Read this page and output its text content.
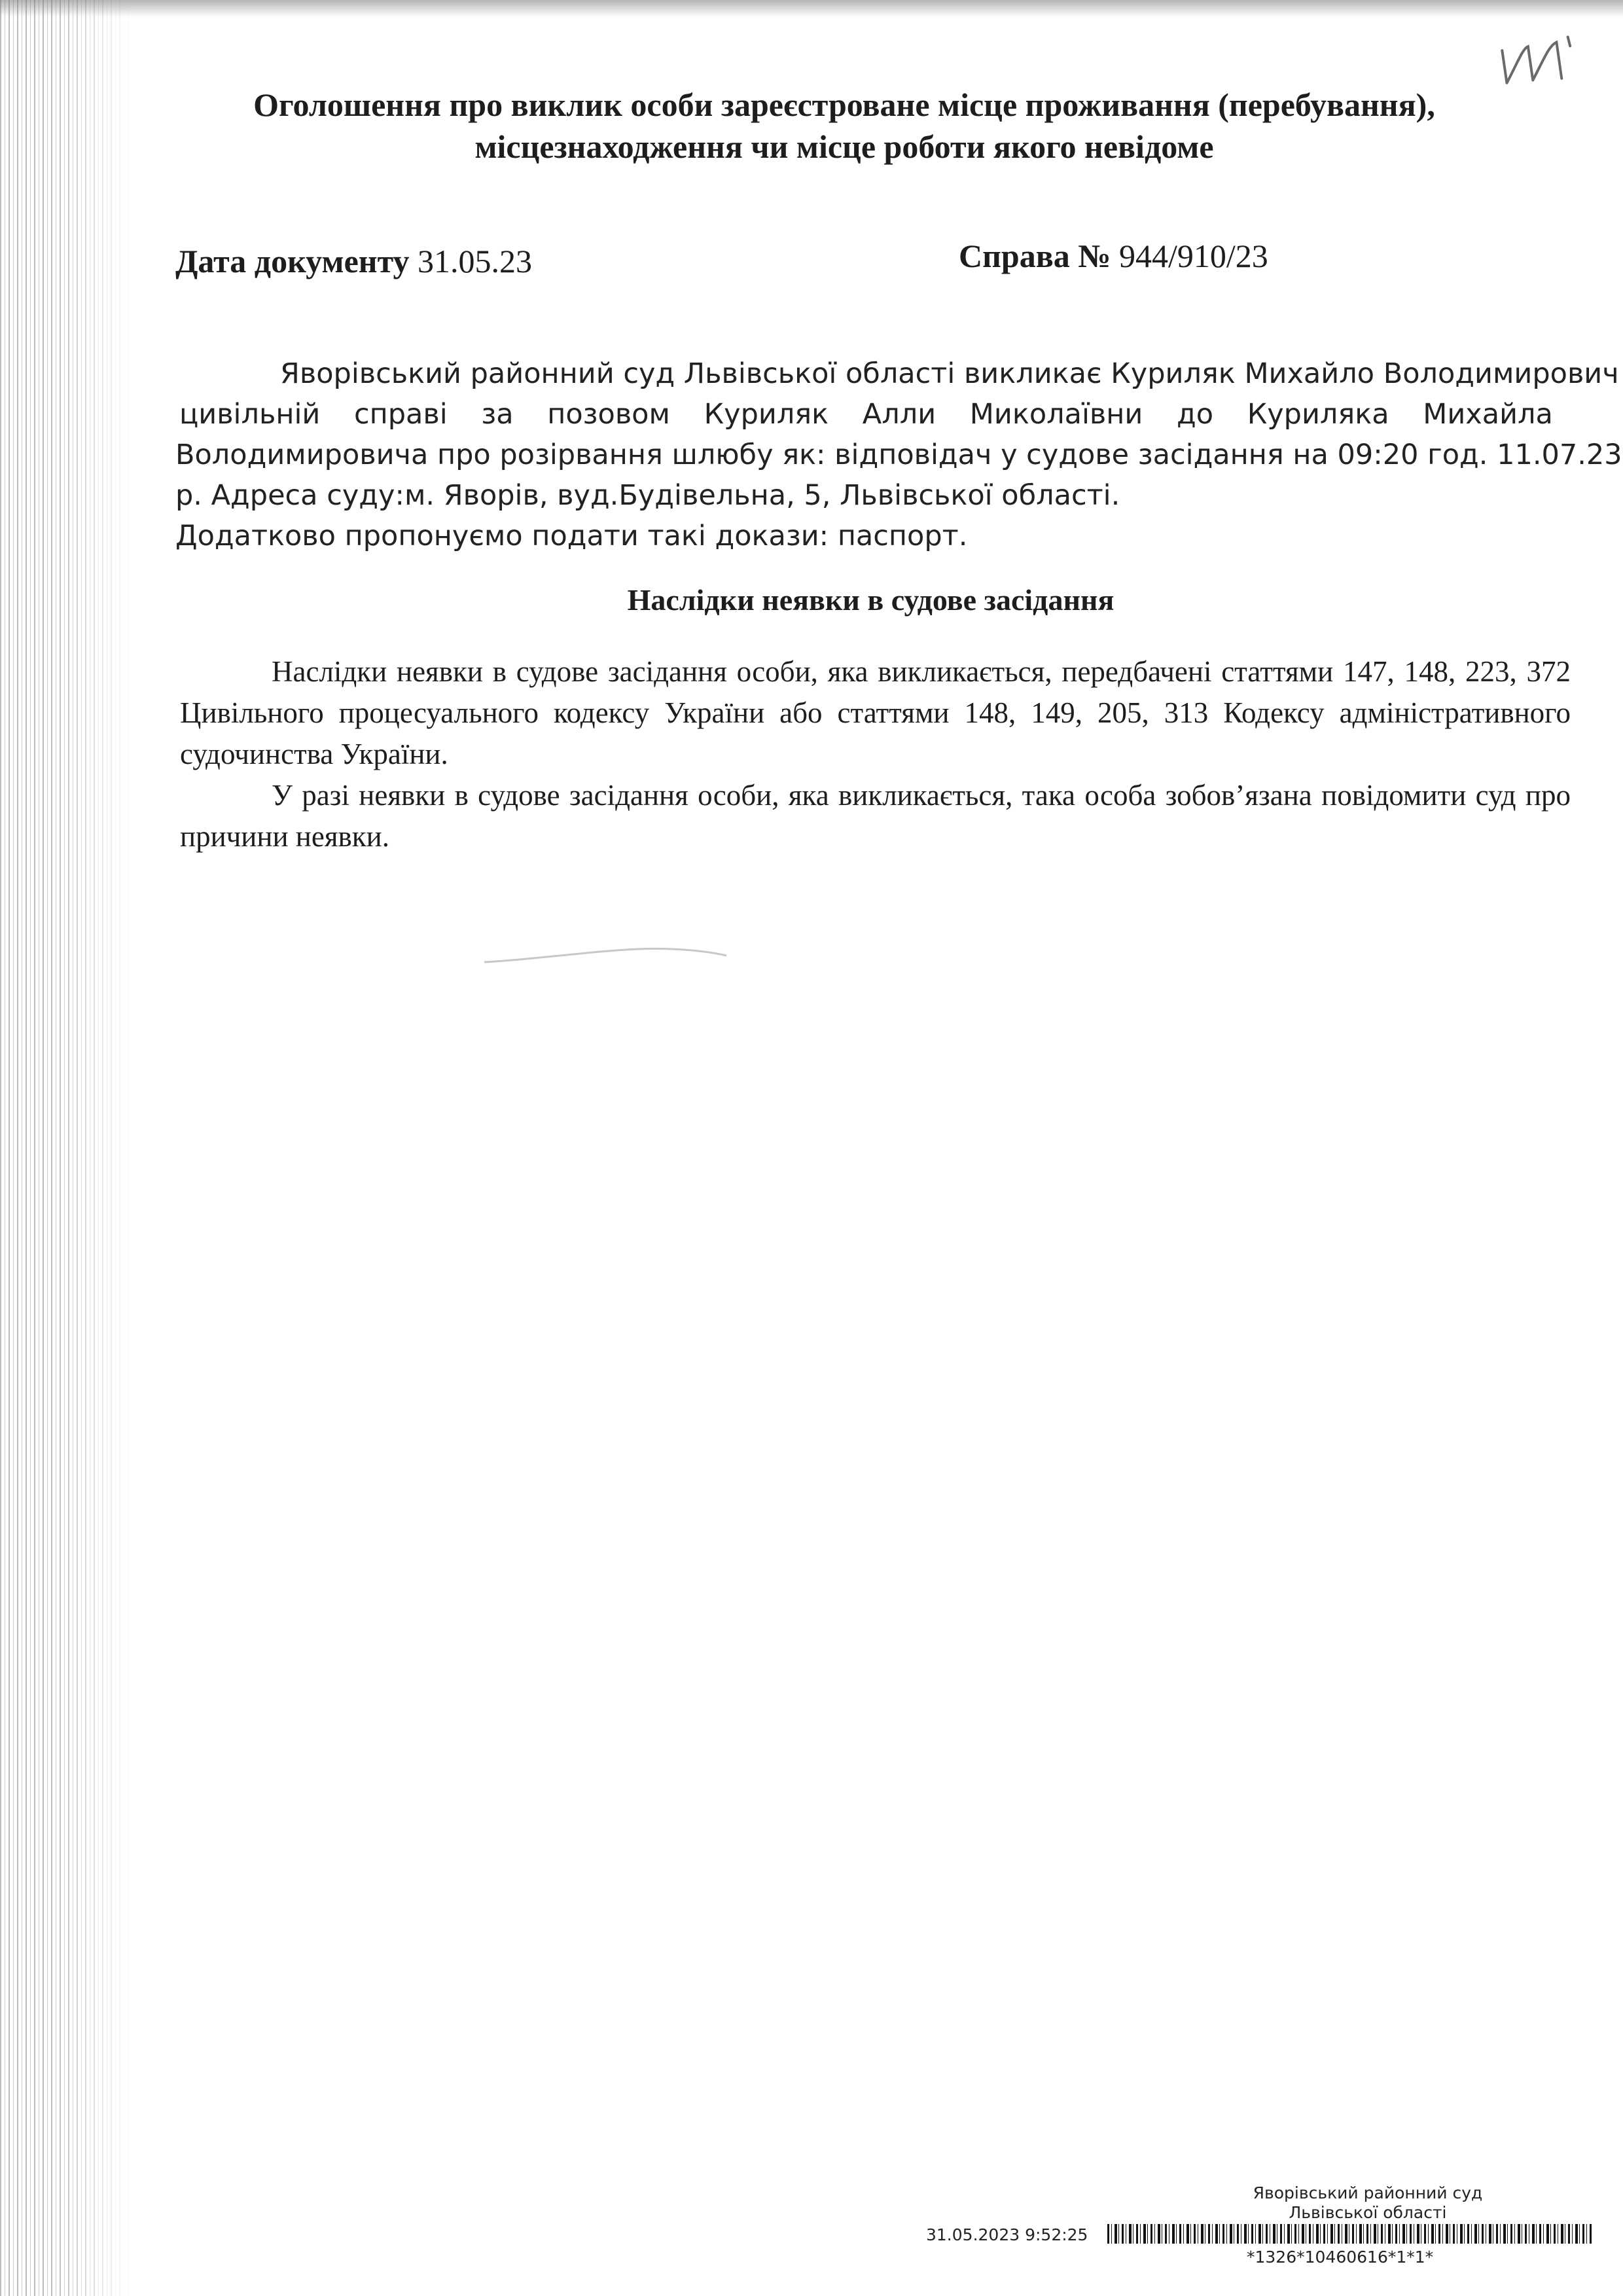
Оголошення про виклик особи зареєстроване місце проживання (перебування),
місцезнаходження чи місце роботи якого невідоме
Дата документу 31.05.23	Справа № 944/910/23
Яворівський районний суд Львівської області викликає Куриляк Михайло Володимирович
цивільній справі за позовом Куриляк Алли Миколаївни до Куриляка Михайла
Володимировича про розірвання шлюбу як: відповідач у судове засідання на 09:20 год. 11.07.23
р. Адреса суду:м. Яворів, вуд.Будівельна, 5, Львівської області.
Додатково пропонуємо подати такі докази: паспорт.
Наслідки неявки в судове засідання

Наслідки неявки в судове засідання особи, яка викликається, передбачені статтями 147, 148, 223, 372 Цивільного процесуального кодексу України або статтями 148, 149, 205, 313 Кодексу адміністративного судочинства України.

У разі неявки в судове засідання особи, яка викликається, така особа зобов’язана повідомити суд про причини неявки.

Яворівський районний суд
Львівської області
31.05.2023 9:52:25
*1326*10460616*1*1*
